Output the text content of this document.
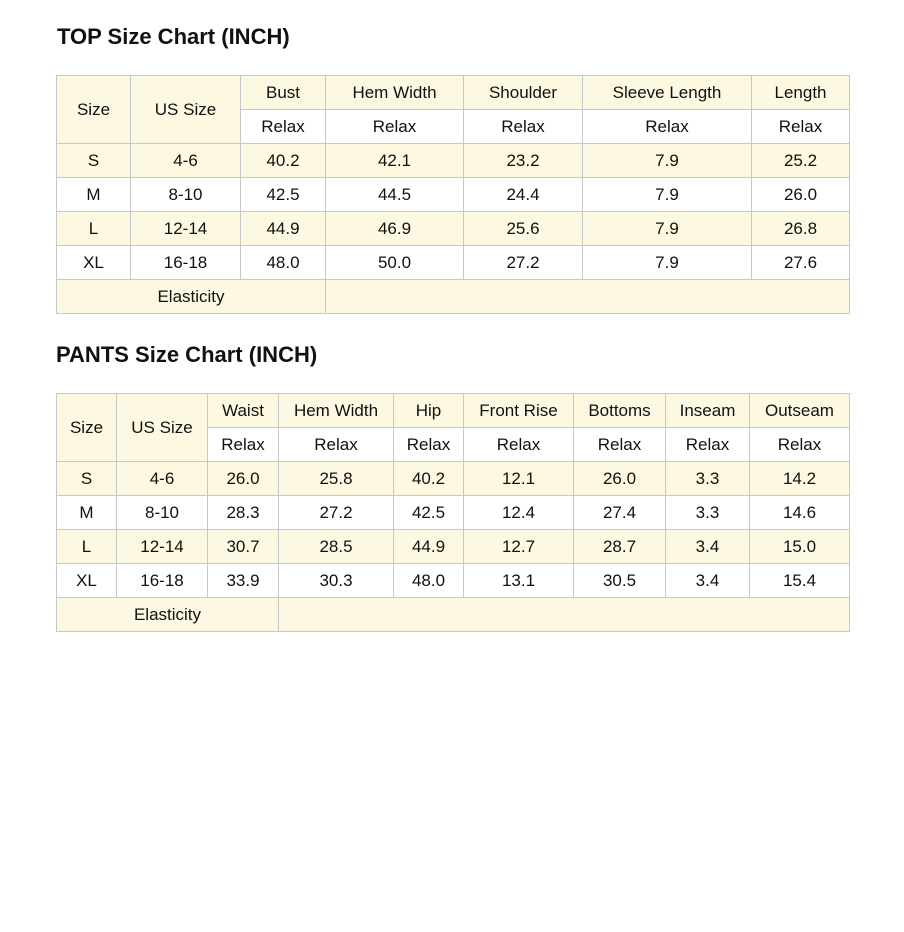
TOP Size Chart (INCH)
Size	US Size	Bust	Hem Width	Shoulder	Sleeve Length	Length
		Relax	Relax	Relax	Relax	Relax
S	4-6	40.2	42.1	23.2	7.9	25.2
M	8-10	42.5	44.5	24.4	7.9	26.0
L	12-14	44.9	46.9	25.6	7.9	26.8
XL	16-18	48.0	50.0	27.2	7.9	27.6
Elasticity						
PANTS Size Chart (INCH)
Size	US Size	Waist	Hem Width	Hip	Front Rise	Bottoms	Inseam	Outseam
		Relax	Relax	Relax	Relax	Relax	Relax	Relax
S	4-6	26.0	25.8	40.2	12.1	26.0	3.3	14.2
M	8-10	28.3	27.2	42.5	12.4	27.4	3.3	14.6
L	12-14	30.7	28.5	44.9	12.7	28.7	3.4	15.0
XL	16-18	33.9	30.3	48.0	13.1	30.5	3.4	15.4
Elasticity								
